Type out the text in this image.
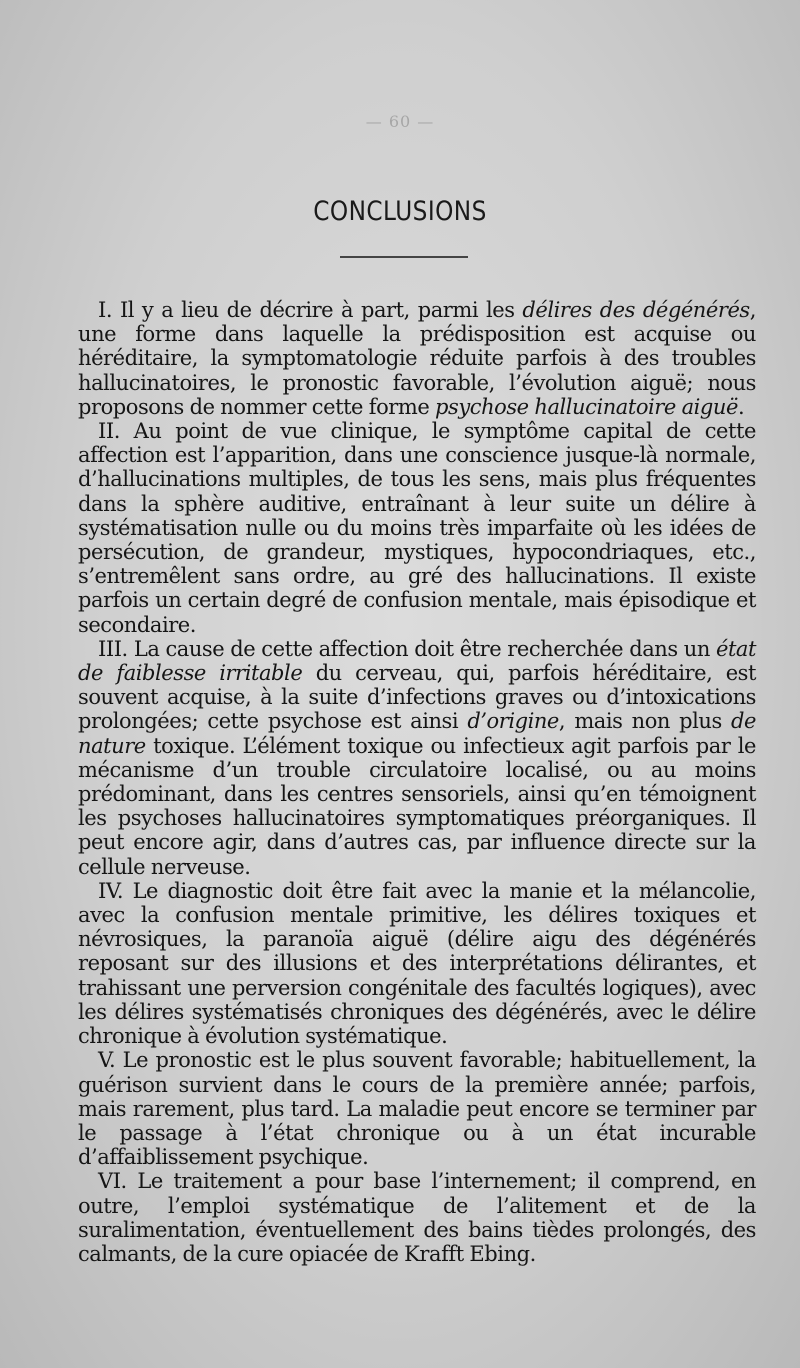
— 60 —
CONCLUSIONS

I. Il y a lieu de décrire à part, parmi les délires des dégénérés, une forme dans laquelle la prédisposition est acquise ou héréditaire, la symptomatologie réduite parfois à des troubles hallucinatoires, le pronostic favorable, l’évolution aiguë; nous proposons de nommer cette forme psychose hallucinatoire aiguë.

II. Au point de vue clinique, le symptôme capital de cette affection est l’apparition, dans une conscience jusque-là normale, d’hallucinations multiples, de tous les sens, mais plus fréquentes dans la sphère auditive, entraînant à leur suite un délire à systématisation nulle ou du moins très imparfaite où les idées de persécution, de grandeur, mystiques, hypocondriaques, etc., s’entremêlent sans ordre, au gré des hallucinations. Il existe parfois un certain degré de confusion mentale, mais épisodique et secondaire.

III. La cause de cette affection doit être recherchée dans un état de faiblesse irritable du cerveau, qui, parfois héréditaire, est souvent acquise, à la suite d’infections graves ou d’intoxications prolongées; cette psychose est ainsi d’origine, mais non plus de nature toxique. L’élément toxique ou infectieux agit parfois par le mécanisme d’un trouble circulatoire localisé, ou au moins prédominant, dans les centres sensoriels, ainsi qu’en témoignent les psychoses hallucinatoires symptomatiques préorganiques. Il peut encore agir, dans d’autres cas, par influence directe sur la cellule nerveuse.

IV. Le diagnostic doit être fait avec la manie et la mélancolie, avec la confusion mentale primitive, les délires toxiques et névrosiques, la paranoïa aiguë (délire aigu des dégénérés reposant sur des illusions et des interprétations délirantes, et trahissant une perversion congénitale des facultés logiques), avec les délires systématisés chroniques des dégénérés, avec le délire chronique à évolution systématique.

V. Le pronostic est le plus souvent favorable; habituellement, la guérison survient dans le cours de la première année; parfois, mais rarement, plus tard. La maladie peut encore se terminer par le passage à l’état chronique ou à un état incurable d’affaiblissement psychique.

VI. Le traitement a pour base l’internement; il comprend, en outre, l’emploi systématique de l’alitement et de la suralimentation, éventuellement des bains tièdes prolongés, des calmants, de la cure opiacée de Krafft Ebing.
